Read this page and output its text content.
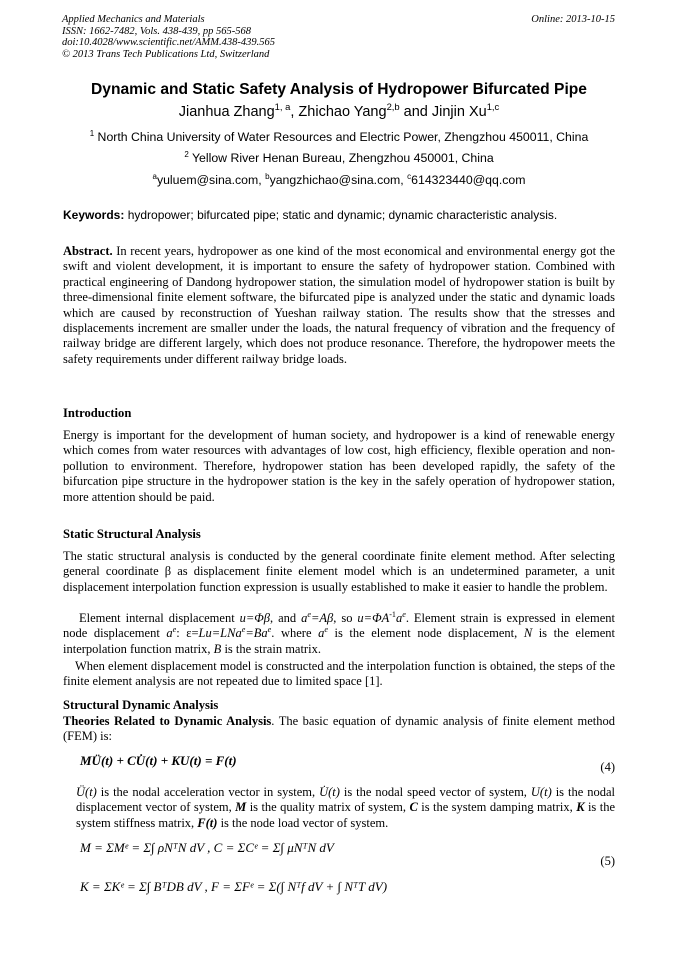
Applied Mechanics and Materials
ISSN: 1662-7482, Vols. 438-439, pp 565-568
doi:10.4028/www.scientific.net/AMM.438-439.565
© 2013 Trans Tech Publications Ltd, Switzerland
Online: 2013-10-15
Dynamic and Static Safety Analysis of Hydropower Bifurcated Pipe
Jianhua Zhang$^{1, a}$, Zhichao Yang$^{2,b}$ and Jinjin Xu$^{1,c}$
$^1$ North China University of Water Resources and Electric Power, Zhengzhou 450011, China
$^2$ Yellow River Henan Bureau, Zhengzhou 450001, China
$^a$yuluem@sina.com, $^b$yangzhichao@sina.com, $^c$614323440@qq.com
Keywords: hydropower; bifurcated pipe; static and dynamic; dynamic characteristic analysis.
Abstract. In recent years, hydropower as one kind of the most economical and environmental energy got the swift and violent development, it is important to ensure the safety of hydropower station. Combined with practical engineering of Dandong hydropower station, the simulation model of hydropower station is built by three-dimensional finite element software, the bifurcated pipe is analyzed under the static and dynamic loads which are caused by reconstruction of Yueshan railway station. The results show that the stresses and displacements increment are smaller under the loads, the natural frequency of vibration and the frequency of railway bridge are different largely, which does not produce resonance. Therefore, the hydropower meets the safety requirements under different railway bridge loads.
Introduction
Energy is important for the development of human society, and hydropower is a kind of renewable energy which comes from water resources with advantages of low cost, high efficiency, flexible operation and non-pollution to environment. Therefore, hydropower station has been developed rapidly, the safety of the bifurcation pipe structure in the hydropower station is the key in the safely operation of hydropower station, more attention should be paid.
Static Structural Analysis
The static structural analysis is conducted by the general coordinate finite element method. After selecting general coordinate β as displacement finite element model which is an undetermined parameter, a unit displacement interpolation function expression is usually established to make it easier to handle the problem.
Element internal displacement u=Φβ, and $a^e=A\beta$, so $u=\Phi A^{-1}a^e$. Element strain is expressed in element node displacement $a^e$: $\varepsilon=Lu=LNa^e=Ba^e$. where $a^e$ is the element node displacement, N is the element interpolation function matrix, B is the strain matrix.
When element displacement model is constructed and the interpolation function is obtained, the steps of the finite element analysis are not repeated due to limited space [1].
Structural Dynamic Analysis
Theories Related to Dynamic Analysis. The basic equation of dynamic analysis of finite element method (FEM) is:
MÜ(t) + CU̇(t) + KU(t) = F(t)	(4)
Ü(t) is the nodal acceleration vector in system, U̇(t) is the nodal speed vector of system, U(t) is the nodal displacement vector of system, M is the quality matrix of system, C is the system damping matrix, K is the system stiffness matrix, F(t) is the node load vector of system.
M = ΣMᵉ = Σ∫ ρNᵀN dV , C = ΣCᵉ = Σ∫ μNᵀN dV
K = ΣKᵉ = Σ∫ BᵀDB dV , F = ΣFᵉ = Σ(∫ Nᵀf dV + ∫ NᵀT dV)
(5)
